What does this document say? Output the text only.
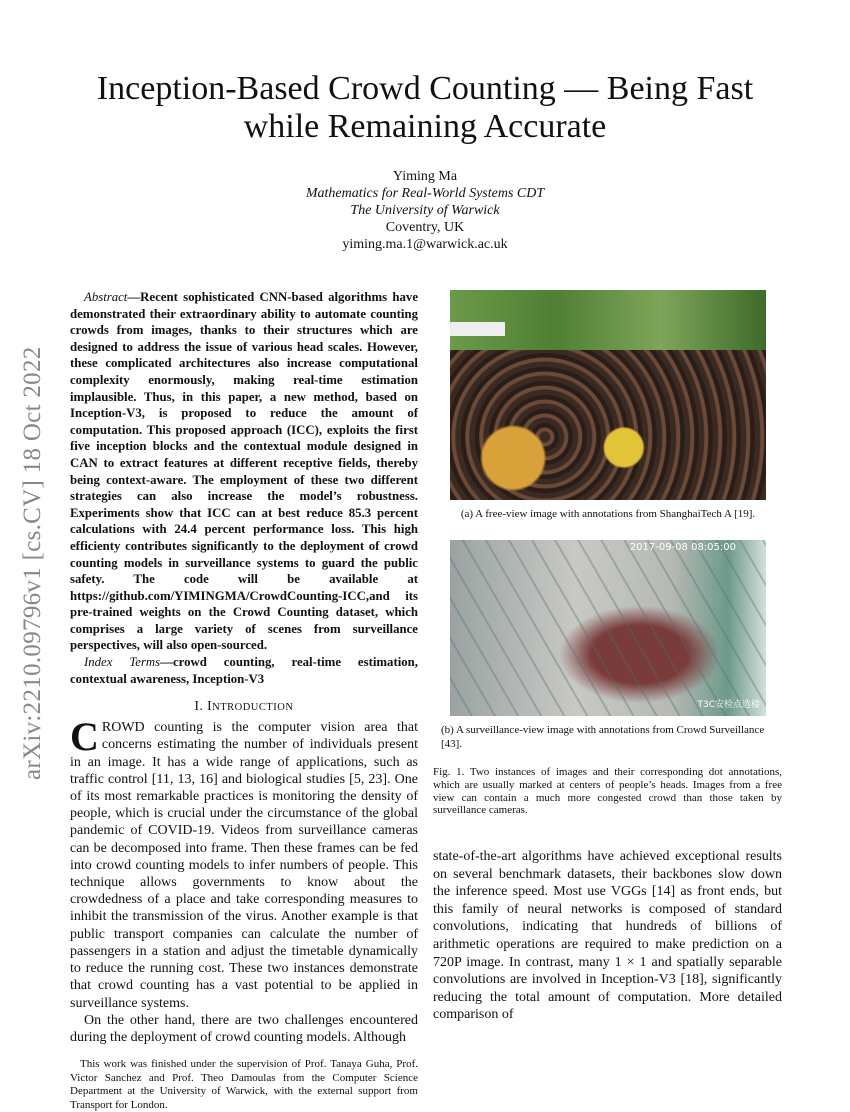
Inception-Based Crowd Counting — Being Fast
while Remaining Accurate
Yiming Ma
Mathematics for Real-World Systems CDT
The University of Warwick
Coventry, UK
yiming.ma.1@warwick.ac.uk
arXiv:2210.09796v1 [cs.CV] 18 Oct 2022

Abstract—Recent sophisticated CNN-based algorithms have demonstrated their extraordinary ability to automate counting crowds from images, thanks to their structures which are designed to address the issue of various head scales. However, these complicated architectures also increase computational complexity enormously, making real-time estimation implausible. Thus, in this paper, a new method, based on Inception-V3, is proposed to reduce the amount of computation. This proposed approach (ICC), exploits the first five inception blocks and the contextual module designed in CAN to extract features at different receptive fields, thereby being context-aware. The employment of these two different strategies can also increase the model’s robustness. Experiments show that ICC can at best reduce 85.3 percent calculations with 24.4 percent performance loss. This high efficienty contributes significantly to the deployment of crowd counting models in surveillance systems to guard the public safety. The code will be available at https://github.com/YIMINGMA/CrowdCounting-ICC,and its pre-trained weights on the Crowd Counting dataset, which comprises a large variety of scenes from surveillance perspectives, will also open-sourced.

Index Terms—crowd counting, real-time estimation, contextual awareness, Inception-V3

I. INTRODUCTION

CROWD counting is the computer vision area that concerns estimating the number of individuals present in an image. It has a wide range of applications, such as traffic control [11, 13, 16] and biological studies [5, 23]. One of its most remarkable practices is monitoring the density of people, which is crucial under the circumstance of the global pandemic of COVID-19. Videos from surveillance cameras can be decomposed into frame. Then these frames can be fed into crowd counting models to infer numbers of people. This technique allows governments to know about the crowdedness of a place and take corresponding measures to inhibit the transmission of the virus. Another example is that public transport companies can calculate the number of passengers in a station and adjust the timetable dynamically to reduce the running cost. These two instances demonstrate that crowd counting has a vast potential to be applied in surveillance systems.

On the other hand, there are two challenges encountered during the deployment of crowd counting models. Although

This work was finished under the supervision of Prof. Tanaya Guha, Prof. Victor Sanchez and Prof. Theo Damoulas from the Computer Science Department at the University of Warwick, with the external support from Transport for London.
(a) A free-view image with annotations from ShanghaiTech A [19].
2017-09-08 08:05:00
T3C安检点选楼
(b) A surveillance-view image with annotations from Crowd Surveillance [43].
Fig. 1. Two instances of images and their corresponding dot annotations, which are usually marked at centers of people’s heads. Images from a free view can contain a much more congested crowd than those taken by surveillance cameras.
state-of-the-art algorithms have achieved exceptional results on several benchmark datasets, their backbones slow down the inference speed. Most use VGGs [14] as front ends, but this family of neural networks is composed of standard convolutions, indicating that hundreds of billions of arithmetic operations are required to make prediction on a 720P image. In contrast, many 1 × 1 and spatially separable convolutions are involved in Inception-V3 [18], significantly reducing the total amount of computation. More detailed comparison of
